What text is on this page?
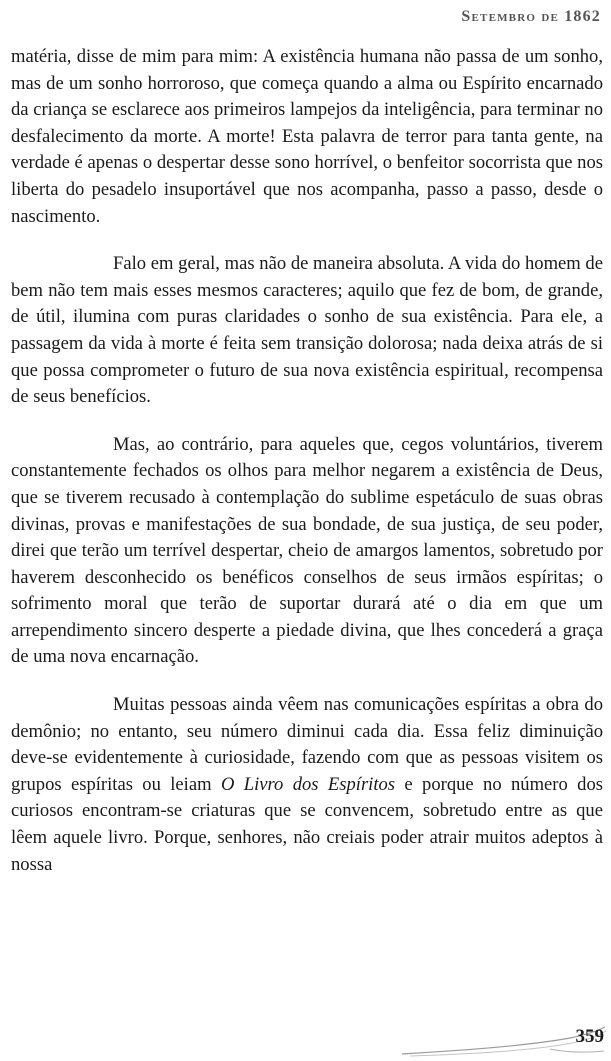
Setembro de 1862

matéria, disse de mim para mim: A existência humana não passa de um sonho, mas de um sonho horroroso, que começa quando a alma ou Espírito encarnado da criança se esclarece aos primeiros lampejos da inteligência, para terminar no desfalecimento da morte. A morte! Esta palavra de terror para tanta gente, na verdade é apenas o despertar desse sono horrível, o benfeitor socorrista que nos liberta do pesadelo insuportável que nos acompanha, passo a passo, desde o nascimento.

Falo em geral, mas não de maneira absoluta. A vida do homem de bem não tem mais esses mesmos caracteres; aquilo que fez de bom, de grande, de útil, ilumina com puras claridades o sonho de sua existência. Para ele, a passagem da vida à morte é feita sem transição dolorosa; nada deixa atrás de si que possa comprometer o futuro de sua nova existência espiritual, recompensa de seus benefícios.

Mas, ao contrário, para aqueles que, cegos voluntários, tiverem constantemente fechados os olhos para melhor negarem a existência de Deus, que se tiverem recusado à contemplação do sublime espetáculo de suas obras divinas, provas e manifestações de sua bondade, de sua justiça, de seu poder, direi que terão um terrível despertar, cheio de amargos lamentos, sobretudo por haverem desconhecido os benéficos conselhos de seus irmãos espíritas; o sofrimento moral que terão de suportar durará até o dia em que um arrependimento sincero desperte a piedade divina, que lhes concederá a graça de uma nova encarnação.

Muitas pessoas ainda vêem nas comunicações espíritas a obra do demônio; no entanto, seu número diminui cada dia. Essa feliz diminuição deve-se evidentemente à curiosidade, fazendo com que as pessoas visitem os grupos espíritas ou leiam O Livro dos Espíritos e porque no número dos curiosos encontram-se criaturas que se convencem, sobretudo entre as que lêem aquele livro. Porque, senhores, não creiais poder atrair muitos adeptos à nossa

359
